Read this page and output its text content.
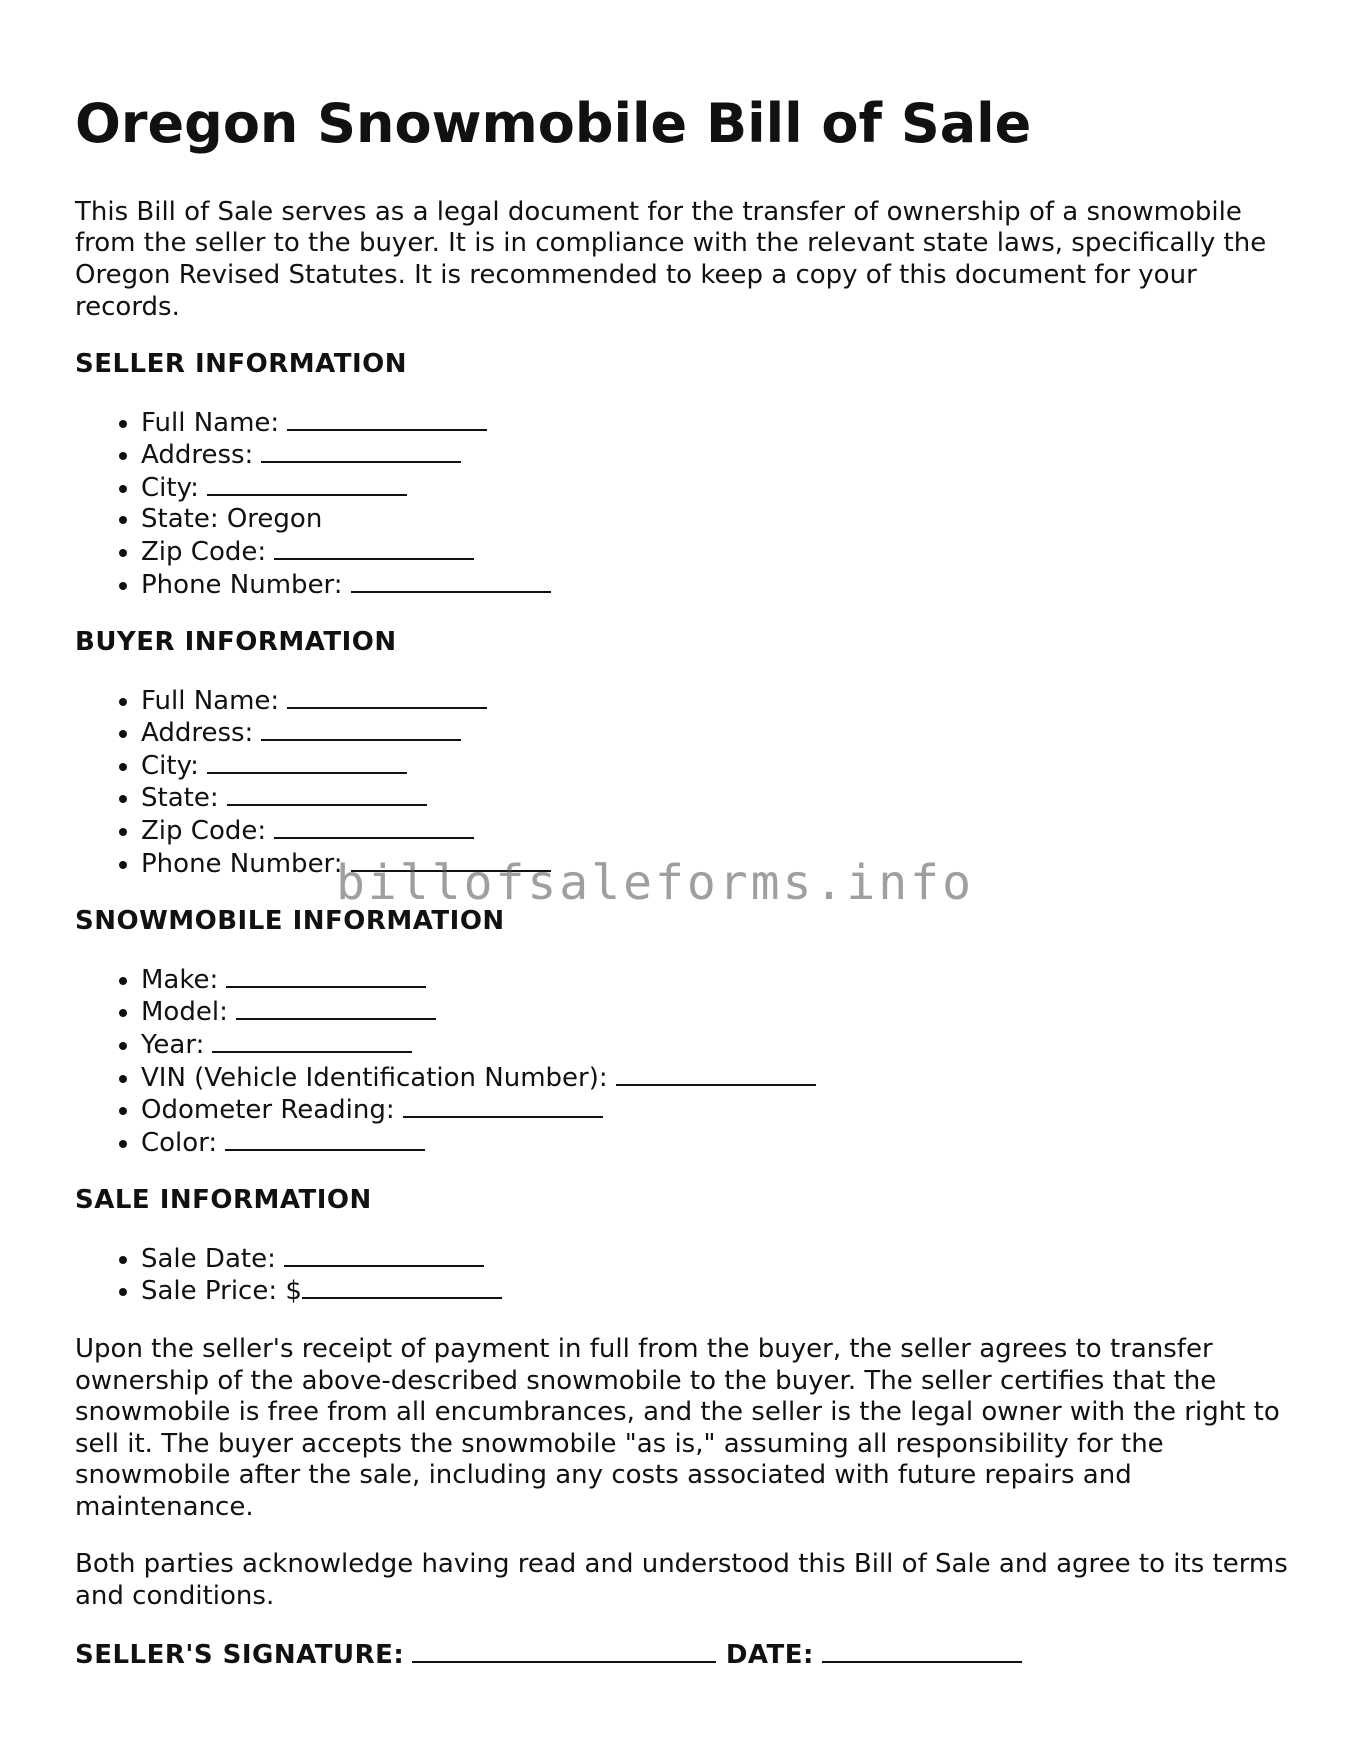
Oregon Snowmobile Bill of Sale

This Bill of Sale serves as a legal document for the transfer of ownership of a snowmobile from the seller to the buyer. It is in compliance with the relevant state laws, specifically the Oregon Revised Statutes. It is recommended to keep a copy of this document for your records.

SELLER INFORMATION
• Full Name:
• Address:
• City:
• State: Oregon
• Zip Code:
• Phone Number:
BUYER INFORMATION
• Full Name:
• Address:
• City:
• State:
• Zip Code:
• Phone Number:
SNOWMOBILE INFORMATION
• Make:
• Model:
• Year:
• VIN (Vehicle Identification Number):
• Odometer Reading:
• Color:
SALE INFORMATION
• Sale Date:
• Sale Price: $

Upon the seller's receipt of payment in full from the buyer, the seller agrees to transfer ownership of the above-described snowmobile to the buyer. The seller certifies that the snowmobile is free from all encumbrances, and the seller is the legal owner with the right to sell it. The buyer accepts the snowmobile "as is," assuming all responsibility for the snowmobile after the sale, including any costs associated with future repairs and maintenance.

Both parties acknowledge having read and understood this Bill of Sale and agree to its terms and conditions.

SELLER'S SIGNATURE:	DATE:
billofsaleforms.info
